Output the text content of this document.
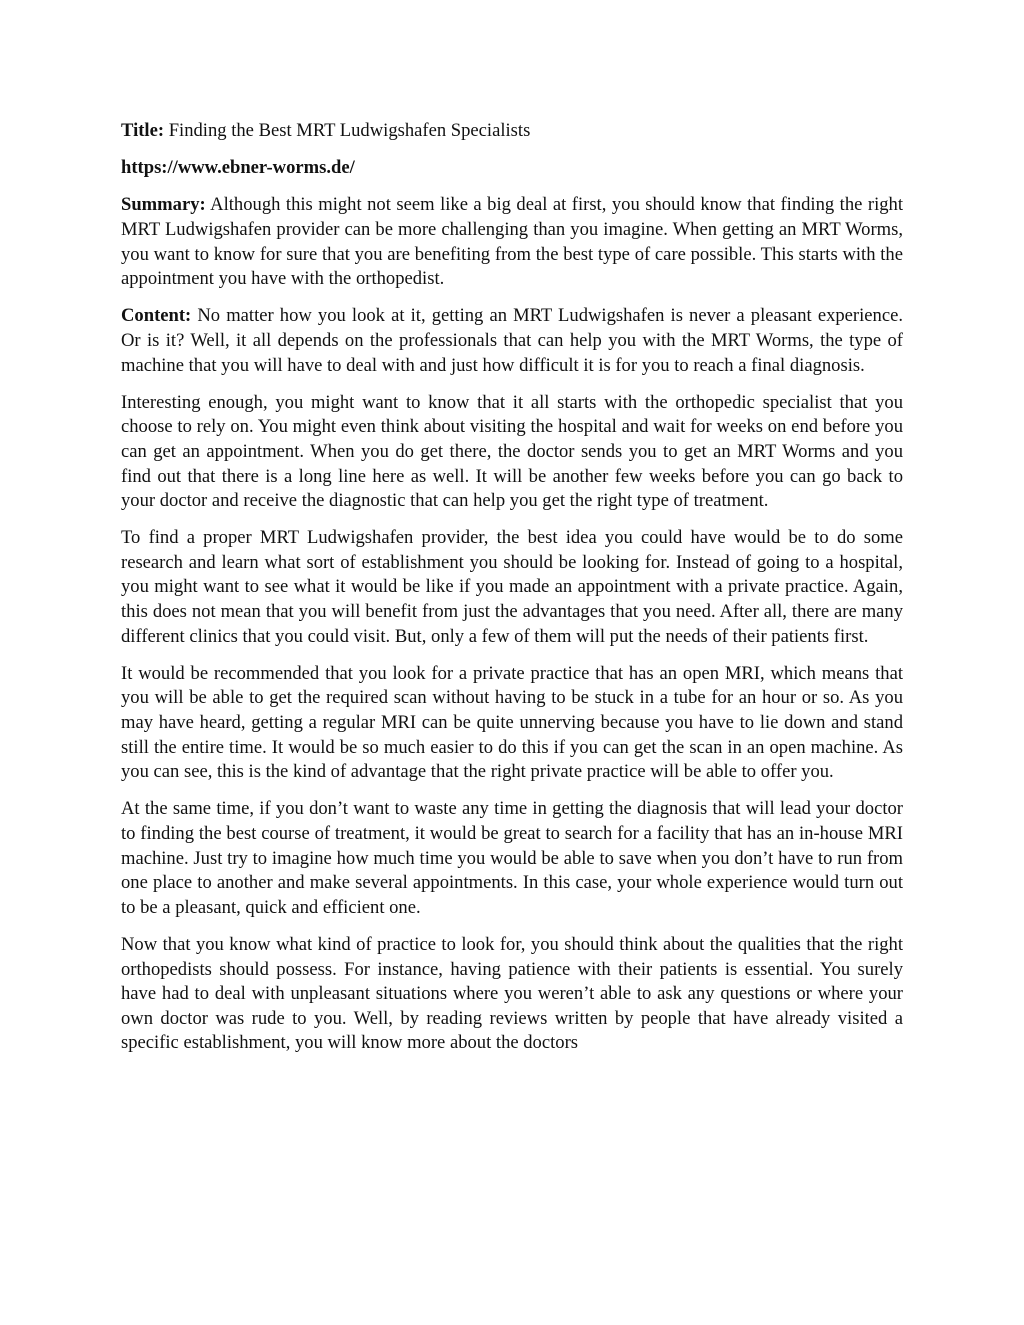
Title: Finding the Best MRT Ludwigshafen Specialists

https://www.ebner-worms.de/

Summary: Although this might not seem like a big deal at first, you should know that finding the right MRT Ludwigshafen provider can be more challenging than you imagine. When getting an MRT Worms, you want to know for sure that you are benefiting from the best type of care possible. This starts with the appointment you have with the orthopedist.

Content: No matter how you look at it, getting an MRT Ludwigshafen is never a pleasant experience. Or is it? Well, it all depends on the professionals that can help you with the MRT Worms, the type of machine that you will have to deal with and just how difficult it is for you to reach a final diagnosis.

Interesting enough, you might want to know that it all starts with the orthopedic specialist that you choose to rely on. You might even think about visiting the hospital and wait for weeks on end before you can get an appointment. When you do get there, the doctor sends you to get an MRT Worms and you find out that there is a long line here as well. It will be another few weeks before you can go back to your doctor and receive the diagnostic that can help you get the right type of treatment.

To find a proper MRT Ludwigshafen provider, the best idea you could have would be to do some research and learn what sort of establishment you should be looking for. Instead of going to a hospital, you might want to see what it would be like if you made an appointment with a private practice. Again, this does not mean that you will benefit from just the advantages that you need. After all, there are many different clinics that you could visit. But, only a few of them will put the needs of their patients first.

It would be recommended that you look for a private practice that has an open MRI, which means that you will be able to get the required scan without having to be stuck in a tube for an hour or so. As you may have heard, getting a regular MRI can be quite unnerving because you have to lie down and stand still the entire time. It would be so much easier to do this if you can get the scan in an open machine. As you can see, this is the kind of advantage that the right private practice will be able to offer you.

At the same time, if you don’t want to waste any time in getting the diagnosis that will lead your doctor to finding the best course of treatment, it would be great to search for a facility that has an in-house MRI machine. Just try to imagine how much time you would be able to save when you don’t have to run from one place to another and make several appointments. In this case, your whole experience would turn out to be a pleasant, quick and efficient one.

Now that you know what kind of practice to look for, you should think about the qualities that the right orthopedists should possess. For instance, having patience with their patients is essential. You surely have had to deal with unpleasant situations where you weren’t able to ask any questions or where your own doctor was rude to you. Well, by reading reviews written by people that have already visited a specific establishment, you will know more about the doctors
